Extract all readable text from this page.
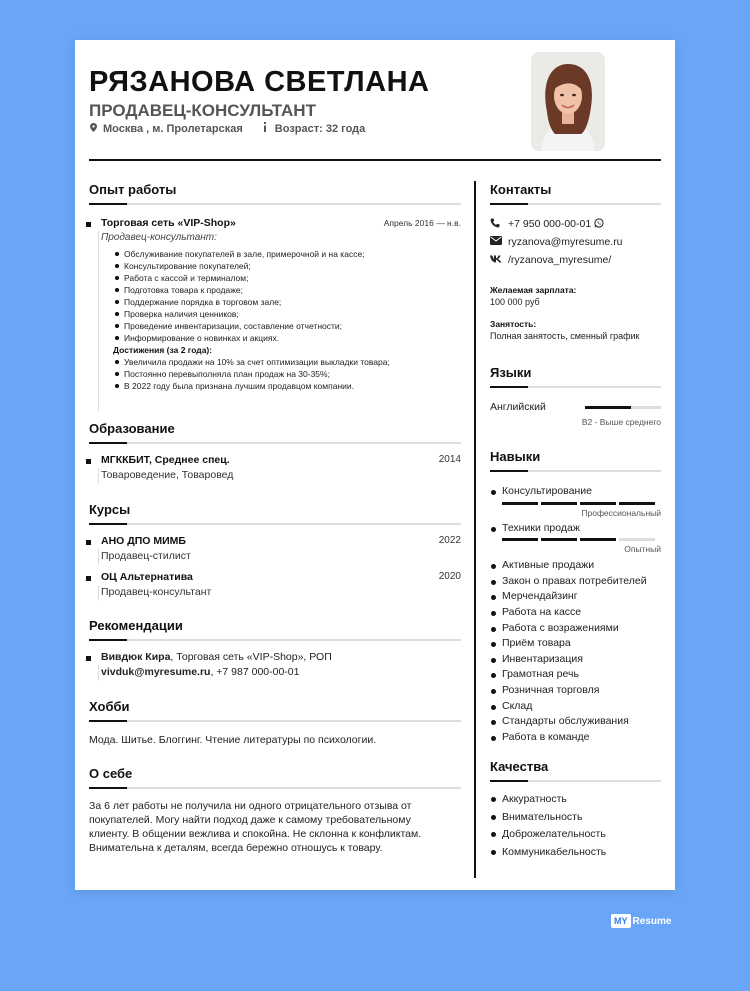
РЯЗАНОВА СВЕТЛАНА
ПРОДАВЕЦ-КОНСУЛЬТАНТ
Москва , м. Пролетарская	Возраст: 32 года
Опыт работы
Торговая сеть «VIP-Shop»	Апрель 2016 — н.в.
Продавец-консультант:
Обслуживание покупателей в зале, примерочной и на кассе;
Консультирование покупателей;
Работа с кассой и терминалом;
Подготовка товара к продаже;
Поддержание порядка в торговом зале;
Проверка наличия ценников;
Проведение инвентаризации, составление отчетности;
Информирование о новинках и акциях.
Достижения (за 2 года):
Увеличила продажи на 10% за счет оптимизации выкладки товара;
Постоянно перевыполняла план продаж на 30-35%;
В 2022 году была признана лучшим продавцом компании.
Образование
МГККБИТ, Среднее спец.	2014
Товароведение, Товаровед
Курсы
АНО ДПО МИМБ	2022
Продавец-стилист
ОЦ Альтернатива	2020
Продавец-консультант
Рекомендации
Вивдюк Кира, Торговая сеть «VIP-Shop», РОП
vivduk@myresume.ru, +7 987 000-00-01
Хобби
Мода. Шитье. Блоггинг. Чтение литературы по психологии.
О себе
За 6 лет работы не получила ни одного отрицательного отзыва от покупателей. Могу найти подход даже к самому требовательному клиенту. В общении вежлива и спокойна. Не склонна к конфликтам. Внимательна к деталям, всегда бережно отношусь к товару.
Контакты
+7 950 000-00-01
ryzanova@myresume.ru
/ryzanova_myresume/
Желаемая зарплата:
100 000 руб
Занятость:
Полная занятость, сменный график
Языки
Английский
B2 - Выше среднего
Навыки
Консультирование
Профессиональный
Техники продаж
Опытный
Активные продажи
Закон о правах потребителей
Мерчендайзинг
Работа на кассе
Работа с возражениями
Приём товара
Инвентаризация
Грамотная речь
Розничная торговля
Склад
Стандарты обслуживания
Работа в команде
Качества
Аккуратность
Внимательность
Доброжелательность
Коммуникабельность
MY Resume
